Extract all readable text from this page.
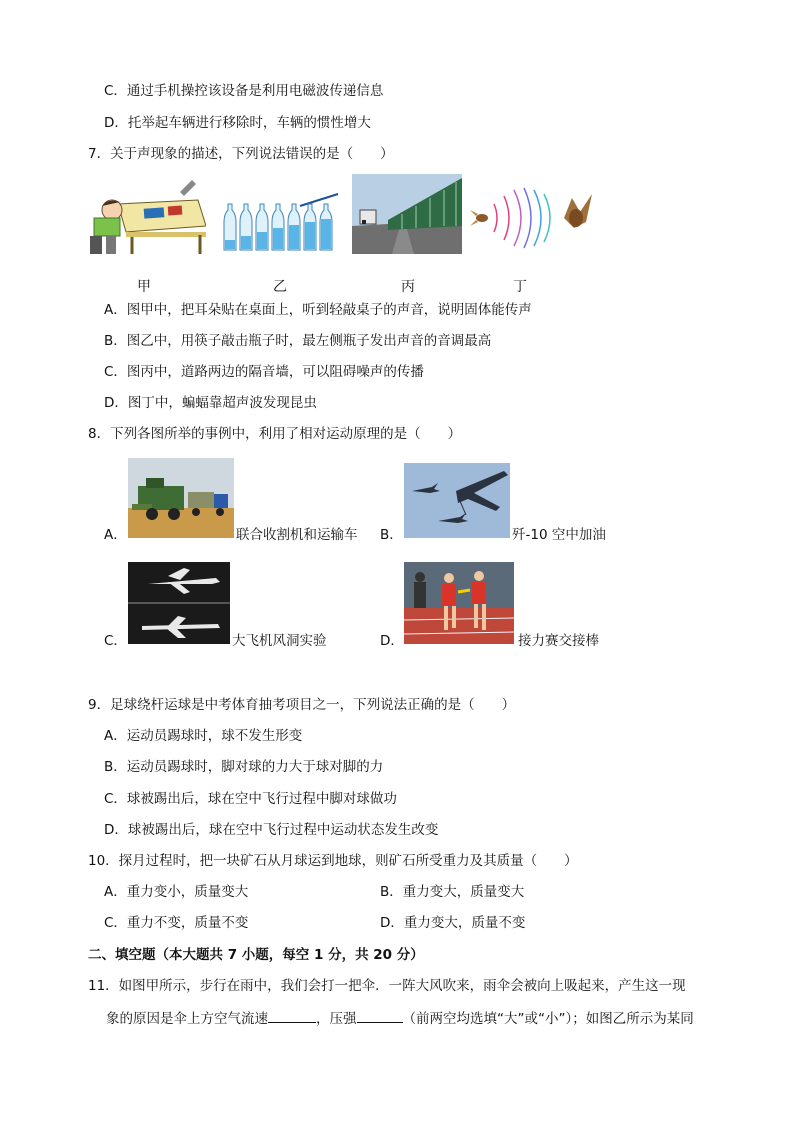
C．通过手机操控该设备是利用电磁波传递信息
D．托举起车辆进行移除时，车辆的惯性增大
7．关于声现象的描述，下列说法错误的是（　　）
甲	乙	丙	丁
A．图甲中，把耳朵贴在桌面上，听到轻敲桌子的声音，说明固体能传声
B．图乙中，用筷子敲击瓶子时，最左侧瓶子发出声音的音调最高
C．图丙中，道路两边的隔音墙，可以阻碍噪声的传播
D．图丁中，蝙蝠靠超声波发现昆虫
8．下列各图所举的事例中，利用了相对运动原理的是（　　）
A．	联合收割机和运输车 B．	歼-10 空中加油
C．	大飞机风洞实验	D．	接力赛交接棒
9．足球绕杆运球是中考体育抽考项目之一，下列说法正确的是（　　）
A．运动员踢球时，球不发生形变
B．运动员踢球时，脚对球的力大于球对脚的力
C．球被踢出后，球在空中飞行过程中脚对球做功
D．球被踢出后，球在空中飞行过程中运动状态发生改变
10．探月过程时，把一块矿石从月球运到地球，则矿石所受重力及其质量（　　）
A．重力变小，质量变大	B．重力变大，质量变大
C．重力不变，质量不变	D．重力变大，质量不变
二、填空题（本大题共 7 小题，每空 1 分，共 20 分）
11．如图甲所示，步行在雨中，我们会打一把伞．一阵大风吹来，雨伞会被向上吸起来，产生这一现
象的原因是伞上方空气流速	，压强	（前两空均选填“大”或“小”）；如图乙所示为某同
